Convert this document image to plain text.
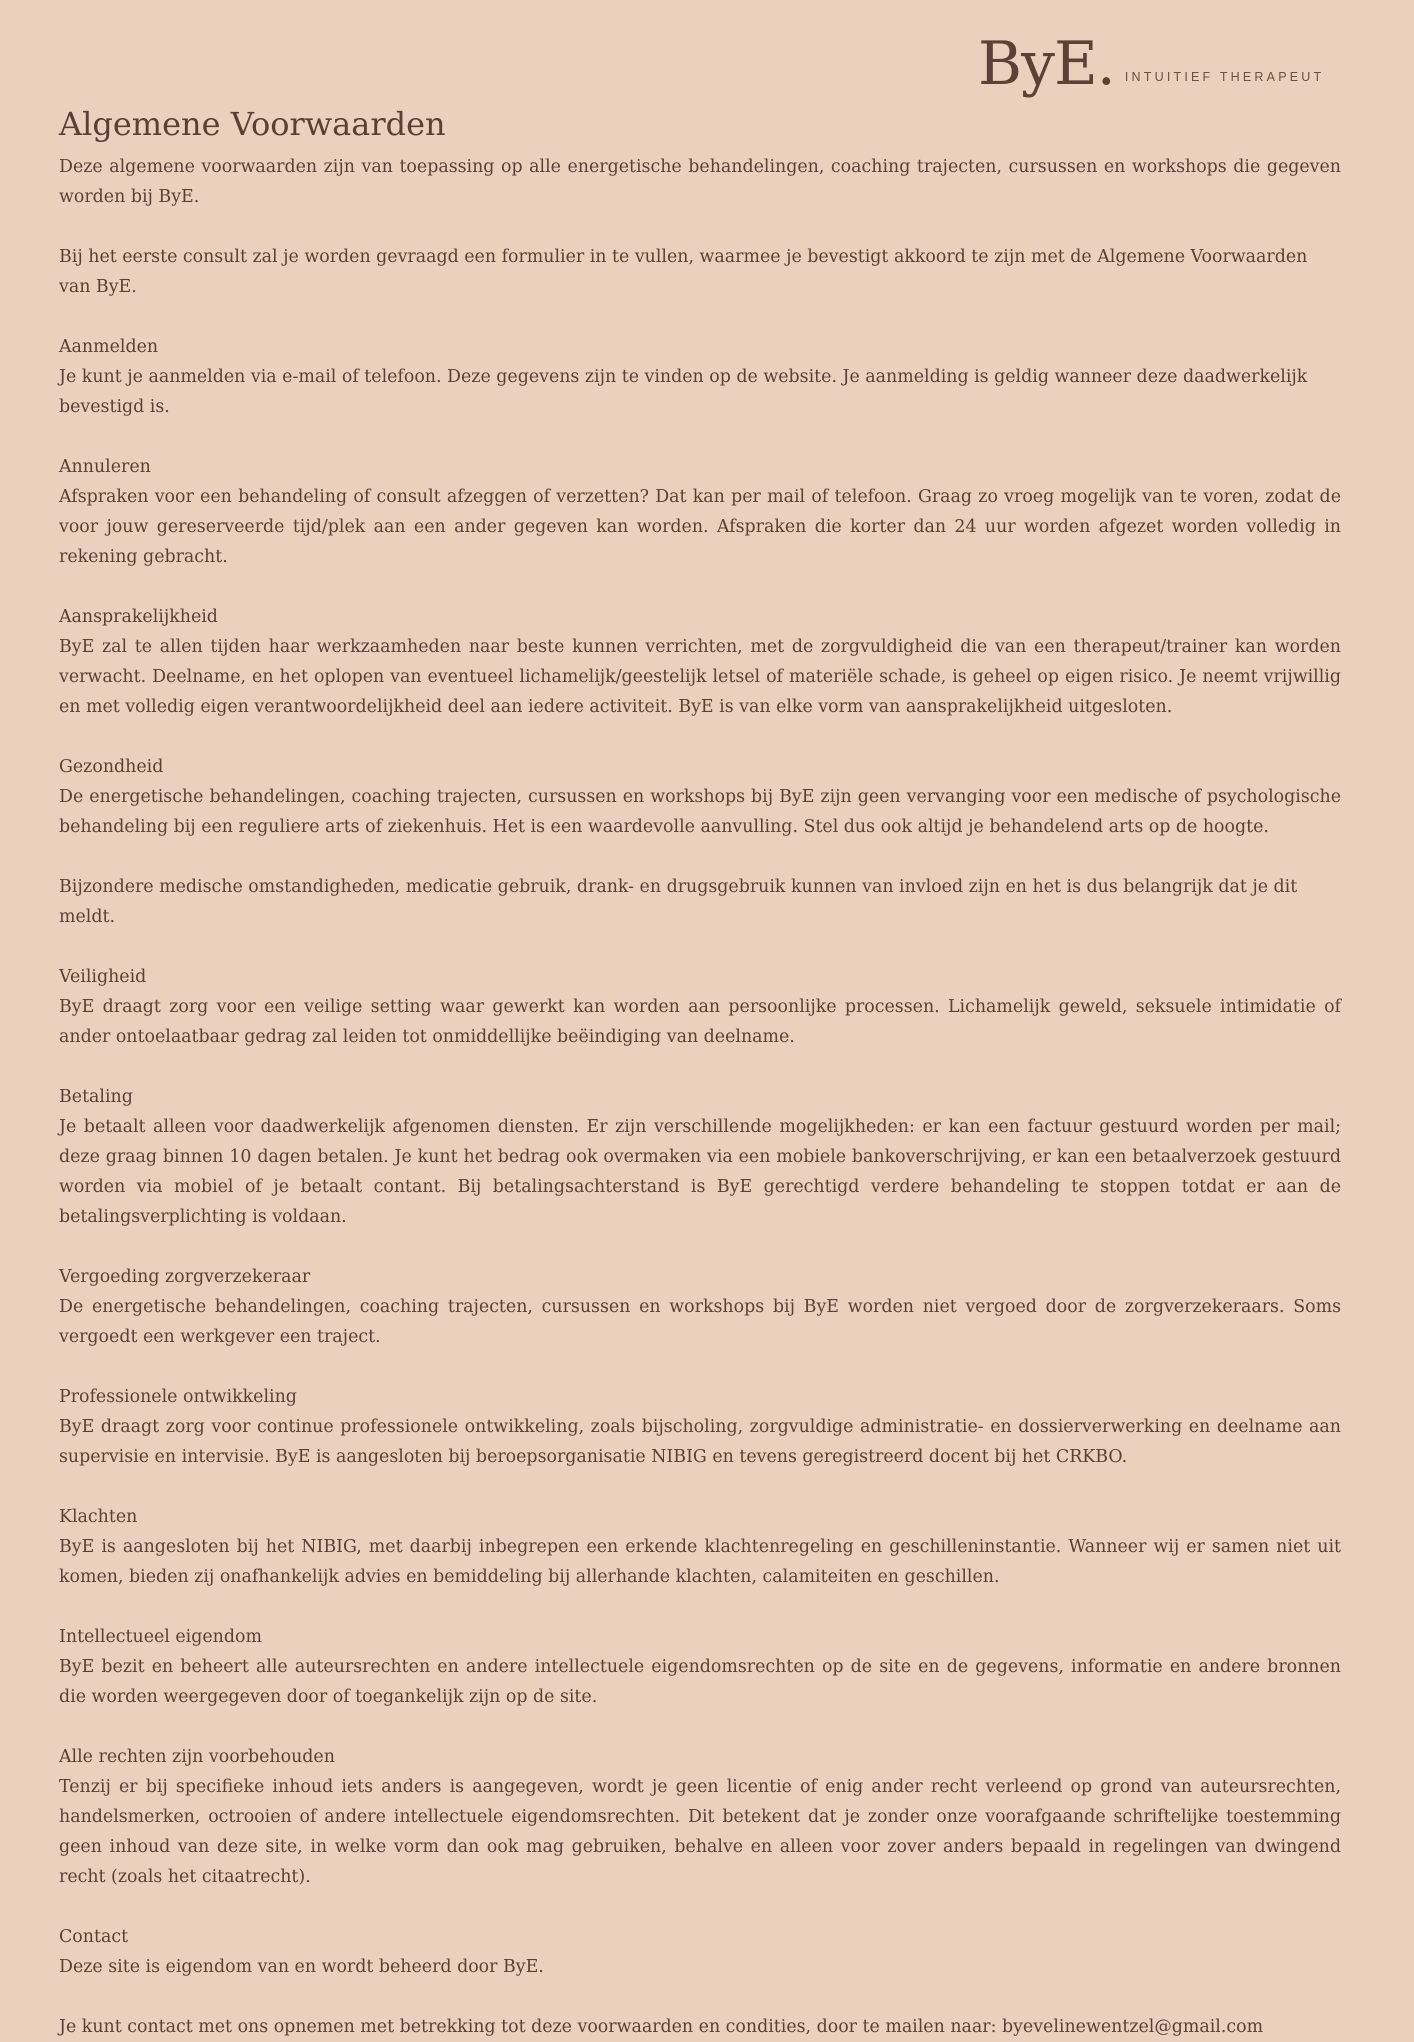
ByE. INTUITIEF THERAPEUT
Algemene Voorwaarden

Deze algemene voorwaarden zijn van toepassing op alle energetische behandelingen, coaching trajecten, cursussen en workshops die gegeven worden bij ByE.

Bij het eerste consult zal je worden gevraagd een formulier in te vullen, waarmee je bevestigt akkoord te zijn met de Algemene Voorwaarden van ByE.

Aanmelden

Je kunt je aanmelden via e-mail of telefoon. Deze gegevens zijn te vinden op de website. Je aanmelding is geldig wanneer deze daadwerkelijk bevestigd is.

Annuleren

Afspraken voor een behandeling of consult afzeggen of verzetten? Dat kan per mail of telefoon. Graag zo vroeg mogelijk van te voren, zodat de voor jouw gereserveerde tijd/plek aan een ander gegeven kan worden. Afspraken die korter dan 24 uur worden afgezet worden volledig in rekening gebracht.

Aansprakelijkheid

ByE zal te allen tijden haar werkzaamheden naar beste kunnen verrichten, met de zorgvuldigheid die van een therapeut/trainer kan worden verwacht. Deelname, en het oplopen van eventueel lichamelijk/geestelijk letsel of materiële schade, is geheel op eigen risico. Je neemt vrijwillig en met volledig eigen verantwoordelijkheid deel aan iedere activiteit. ByE is van elke vorm van aansprakelijkheid uitgesloten.

Gezondheid

De energetische behandelingen, coaching trajecten, cursussen en workshops bij ByE zijn geen vervanging voor een medische of psychologische behandeling bij een reguliere arts of ziekenhuis. Het is een waardevolle aanvulling. Stel dus ook altijd je behandelend arts op de hoogte.

Bijzondere medische omstandigheden, medicatie gebruik, drank- en drugsgebruik kunnen van invloed zijn en het is dus belangrijk dat je dit meldt.

Veiligheid

ByE draagt zorg voor een veilige setting waar gewerkt kan worden aan persoonlijke processen. Lichamelijk geweld, seksuele intimidatie of ander ontoelaatbaar gedrag zal leiden tot onmiddellijke beëindiging van deelname.

Betaling

Je betaalt alleen voor daadwerkelijk afgenomen diensten. Er zijn verschillende mogelijkheden: er kan een factuur gestuurd worden per mail; deze graag binnen 10 dagen betalen. Je kunt het bedrag ook overmaken via een mobiele bankoverschrijving, er kan een betaalverzoek gestuurd worden via mobiel of je betaalt contant. Bij betalingsachterstand is ByE gerechtigd verdere behandeling te stoppen totdat er aan de betalingsverplichting is voldaan.

Vergoeding zorgverzekeraar

De energetische behandelingen, coaching trajecten, cursussen en workshops bij ByE worden niet vergoed door de zorgverzekeraars. Soms vergoedt een werkgever een traject.

Professionele ontwikkeling

ByE draagt zorg voor continue professionele ontwikkeling, zoals bijscholing, zorgvuldige administratie- en dossierverwerking en deelname aan supervisie en intervisie. ByE is aangesloten bij beroepsorganisatie NIBIG en tevens geregistreerd docent bij het CRKBO.

Klachten

ByE is aangesloten bij het NIBIG, met daarbij inbegrepen een erkende klachtenregeling en geschilleninstantie. Wanneer wij er samen niet uit komen, bieden zij onafhankelijk advies en bemiddeling bij allerhande klachten, calamiteiten en geschillen.

Intellectueel eigendom

ByE bezit en beheert alle auteursrechten en andere intellectuele eigendomsrechten op de site en de gegevens, informatie en andere bronnen die worden weergegeven door of toegankelijk zijn op de site.

Alle rechten zijn voorbehouden

Tenzij er bij specifieke inhoud iets anders is aangegeven, wordt je geen licentie of enig ander recht verleend op grond van auteursrechten, handelsmerken, octrooien of andere intellectuele eigendomsrechten. Dit betekent dat je zonder onze voorafgaande schriftelijke toestemming geen inhoud van deze site, in welke vorm dan ook mag gebruiken, behalve en alleen voor zover anders bepaald in regelingen van dwingend recht (zoals het citaatrecht).

Contact

Deze site is eigendom van en wordt beheerd door ByE.

Je kunt contact met ons opnemen met betrekking tot deze voorwaarden en condities, door te mailen naar: byevelinewentzel@gmail.com
